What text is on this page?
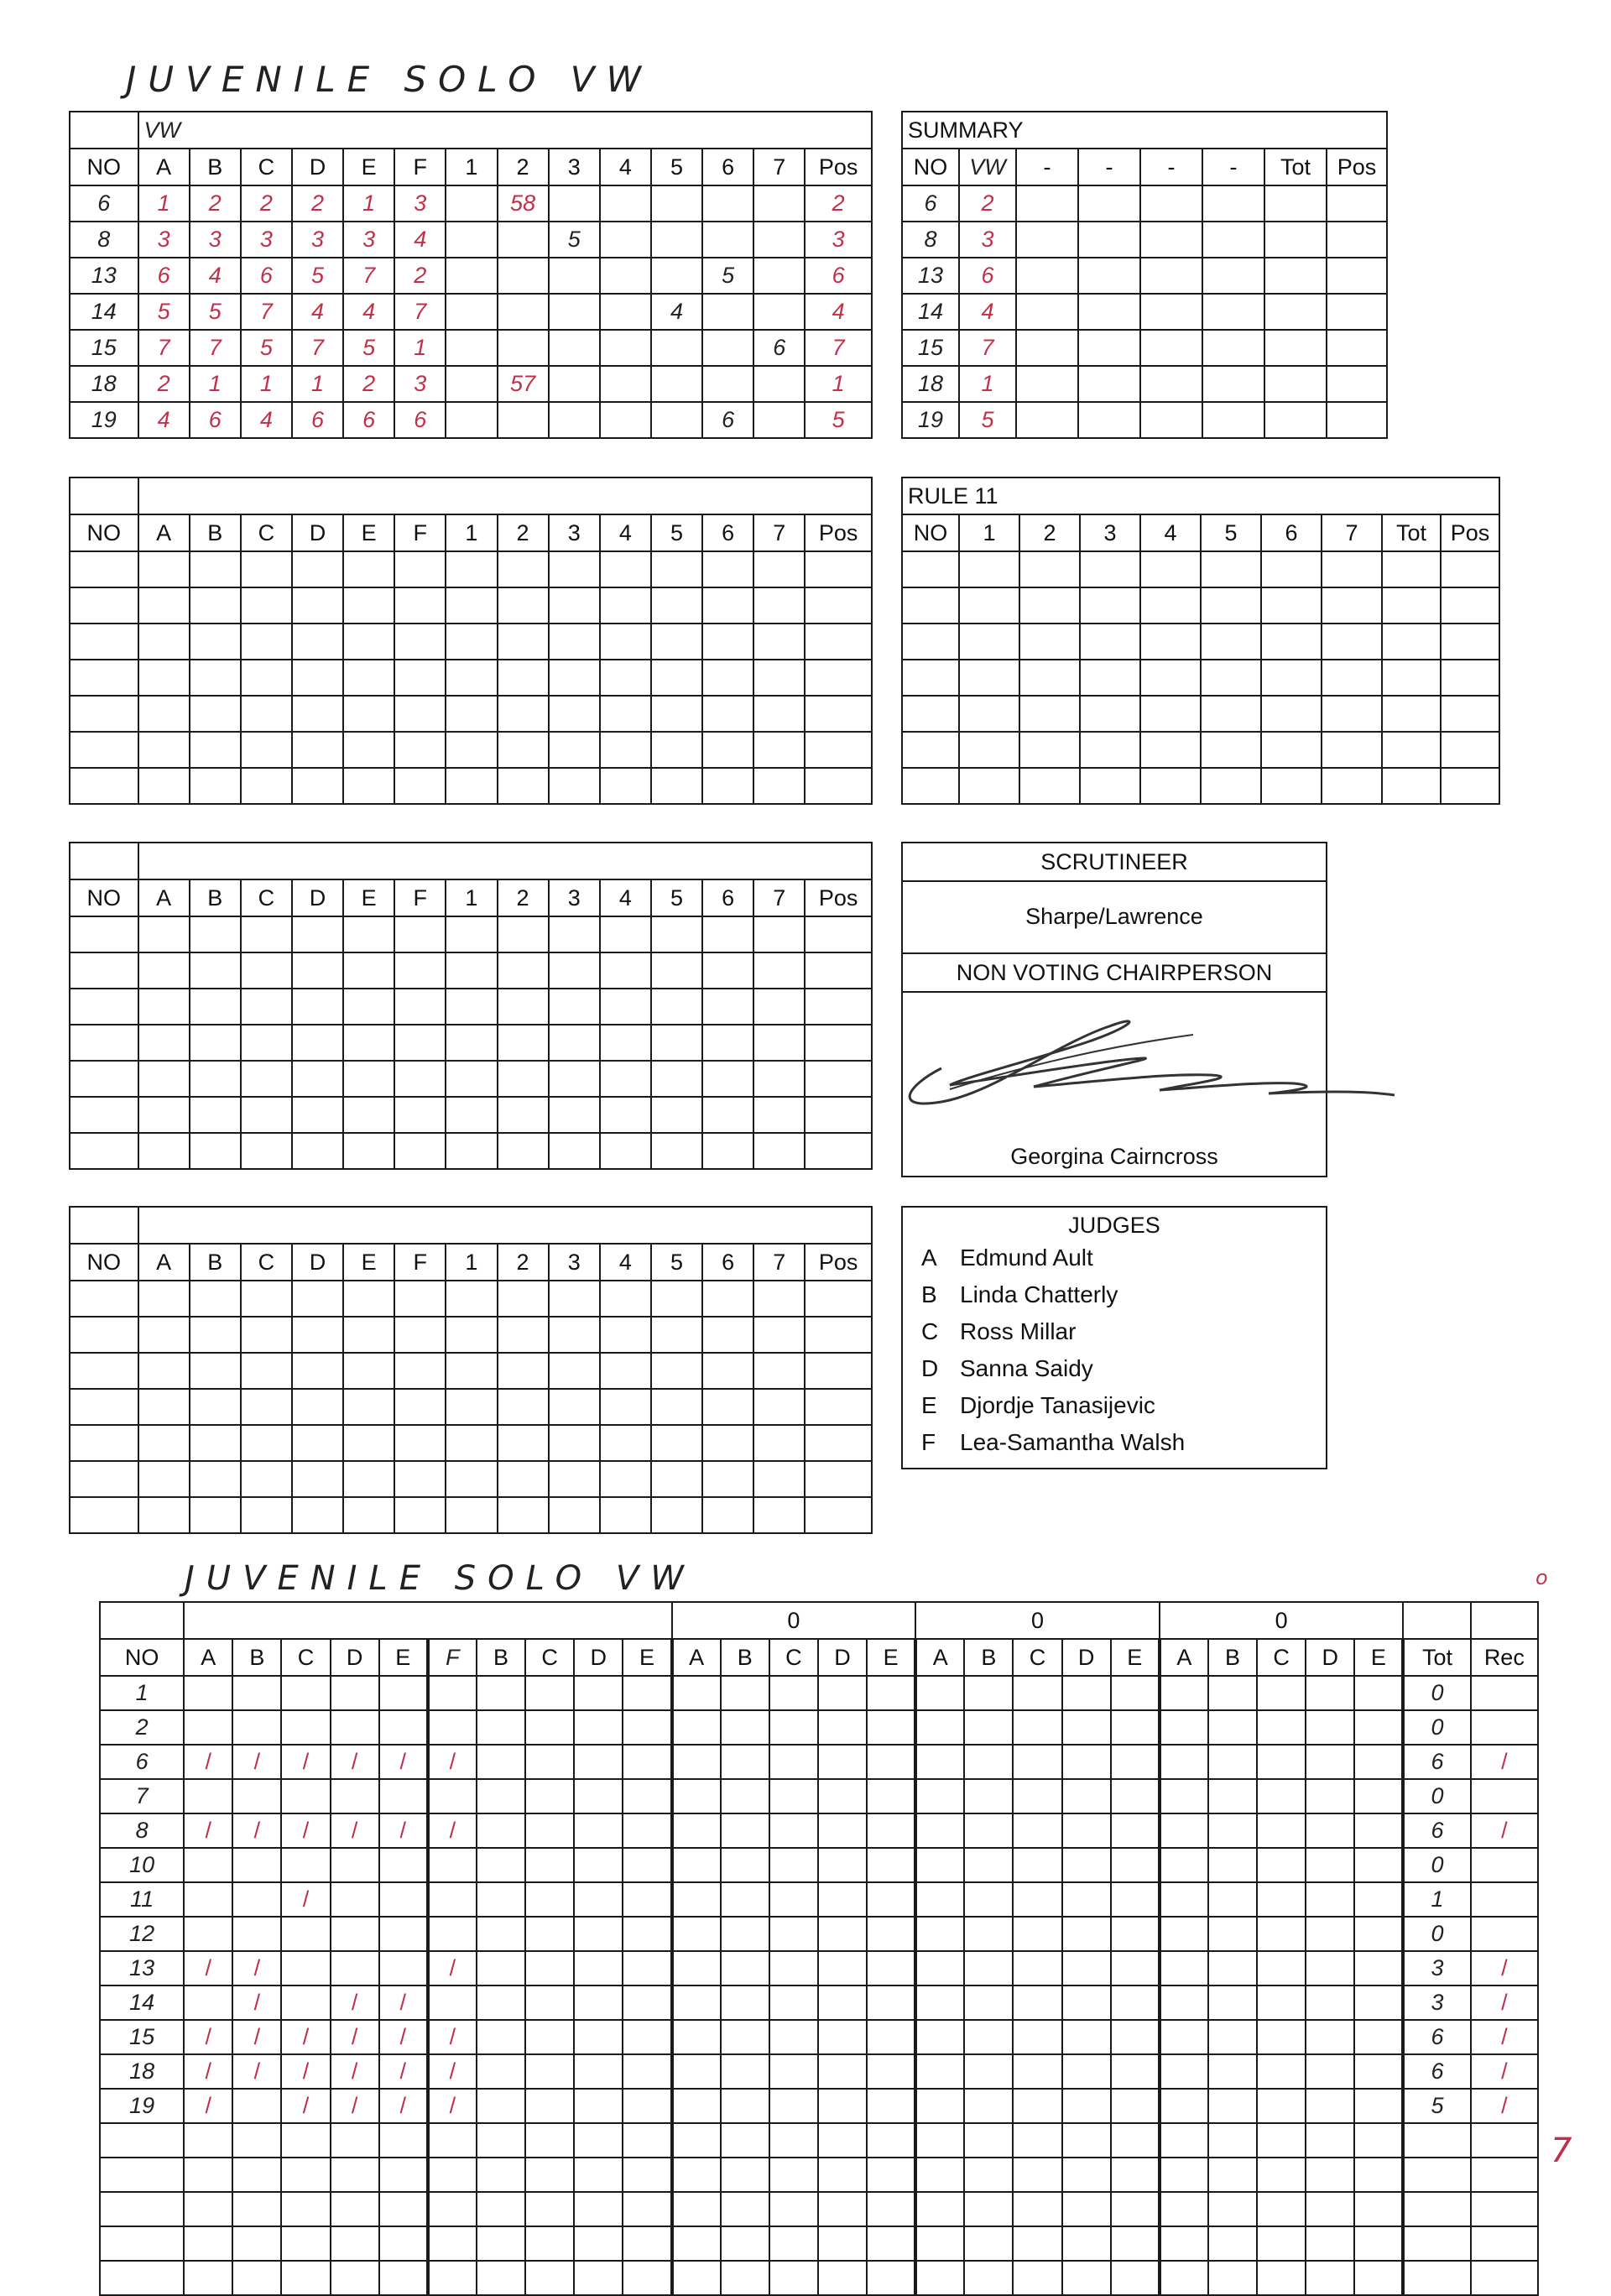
JUVENILE SOLO VW
	VW													
NO	A	B	C	D	E	F	1	2	3	4	5	6	7	Pos
6	1	2	2	2	1	3		58						2
8	3	3	3	3	3	4			5					3
13	6	4	6	5	7	2						5		6
14	5	5	7	4	4	7					4			4
15	7	7	5	7	5	1							6	7
18	2	1	1	1	2	3		57						1
19	4	6	4	6	6	6						6		5
SUMMARY							
NO	VW	-	-	-	-	Tot	Pos
6	2						
8	3						
13	6						
14	4						
15	7						
18	1						
19	5						

NO	A	B	C	D	E	F	1	2	3	4	5	6	7	Pos

RULE 11									
NO	1	2	3	4	5	6	7	Tot	Pos

NO	A	B	C	D	E	F	1	2	3	4	5	6	7	Pos

NO	A	B	C	D	E	F	1	2	3	4	5	6	7	Pos

SCRUTINEER
Sharpe/Lawrence
NON VOTING CHAIRPERSON
Georgina Cairncross
JUDGES
A Edmund Ault
B Linda Chatterly
C Ross Millar
D Sanna Saidy
E Djordje Tanasijevic
F Lea-Samantha Walsh
JUVENILE SOLO VW	o
											0					0					0						
NO	A	B	C	D	E	F	B	C	D	E	A	B	C	D	E	A	B	C	D	E	A	B	C	D	E	Tot	Rec
1																										0	
2																										0	
6	/	/	/	/	/	/																				6	/
7																										0	
8	/	/	/	/	/	/																				6	/
10																										0	
11			/																							1	
12																										0	
13	/	/				/																				3	/
14		/		/	/																					3	/
15	/	/	/	/	/	/																				6	/
18	/	/	/	/	/	/																				6	/
19	/		/	/	/	/																				5	/

7
